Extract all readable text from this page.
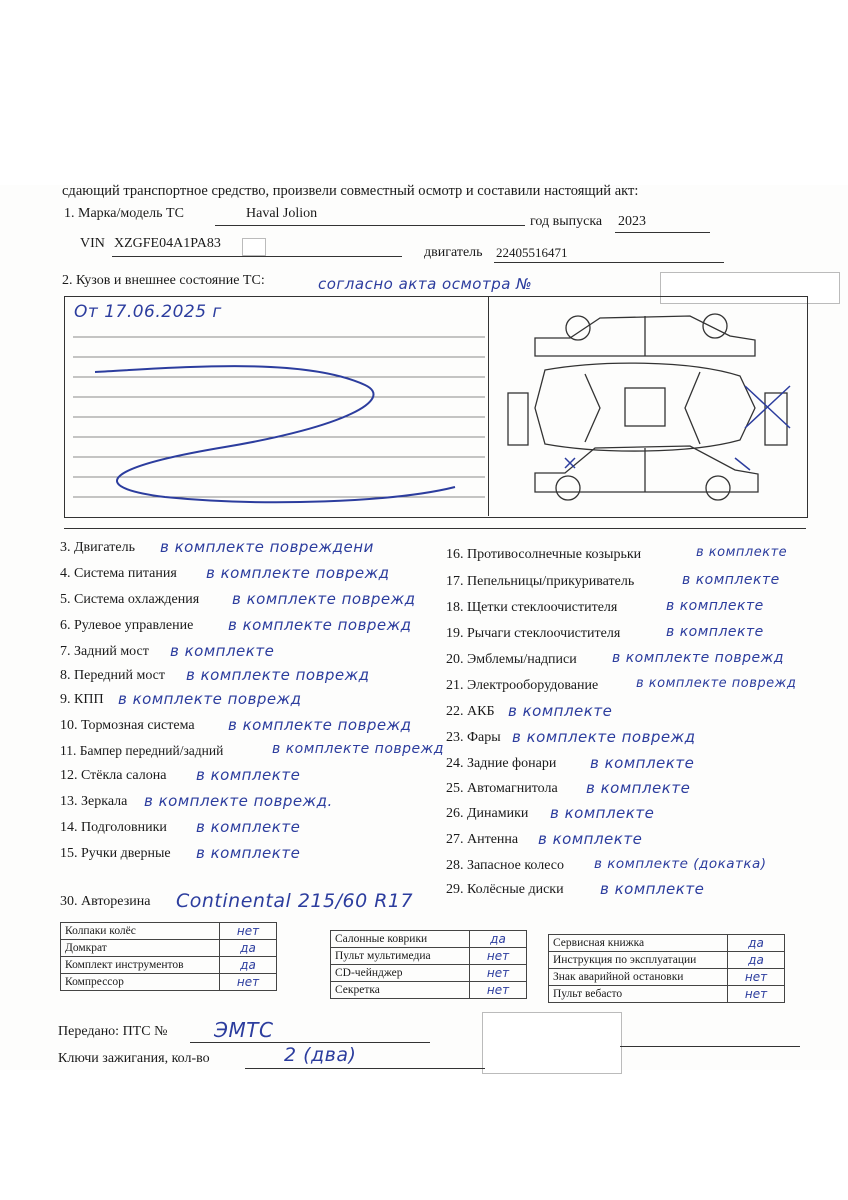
сдающий транспортное средство, произвели совместный осмотр и составили настоящий акт:
1. Марка/модель ТС	Haval Jolion
год выпуска 2023
VIN XZGFE04A1PA83
двигатель 22405516471
2. Кузов и внешнее состояние ТС:	согласно акта осмотра №
От 17.06.2025 г
3. Двигатель в комплекте повреждени
4. Система питания в комплекте поврежд
5. Система охлаждения в комплекте поврежд
6. Рулевое управление в комплекте поврежд
7. Задний мост в комплекте
8. Передний мост в комплекте поврежд
9. КПП в комплекте поврежд
10. Тормозная система в комплекте поврежд
11. Бампер передний/задний	в комплекте поврежд
12. Стёкла салона в комплекте
13. Зеркала в комплекте поврежд.
14. Подголовники в комплекте
15. Ручки дверные в комплекте
16. Противосолнечные козырьки	в комплекте
17. Пепельницы/прикуриватель	в комплекте
18. Щетки стеклоочистителя	в комплекте
19. Рычаги стеклоочистителя	в комплекте
20. Эмблемы/надписи	в комплекте поврежд
21. Электрооборудование	в комплекте поврежд
22. АКБ в комплекте
23. Фары в комплекте поврежд
24. Задние фонари в комплекте
25. Автомагнитола в комплекте
26. Динамики в комплекте
27. Антенна в комплекте
28. Запасное колесо в комплекте (докатка)
29. Колёсные диски в комплекте
30. Авторезина Continental 215/60 R17
Колпаки колёс	нет
Домкрат	да
Комплект инструментов	да
Компрессор	нет
Салонные коврики	да
Пульт мультимедиа	нет
CD-чейнджер	нет
Секретка	нет
Сервисная книжка	да
Инструкция по эксплуатации	да
Знак аварийной остановки	нет
Пульт вебасто	нет
Передано: ПТС № ЭМТС
Ключи зажигания, кол-во	2 (два)
